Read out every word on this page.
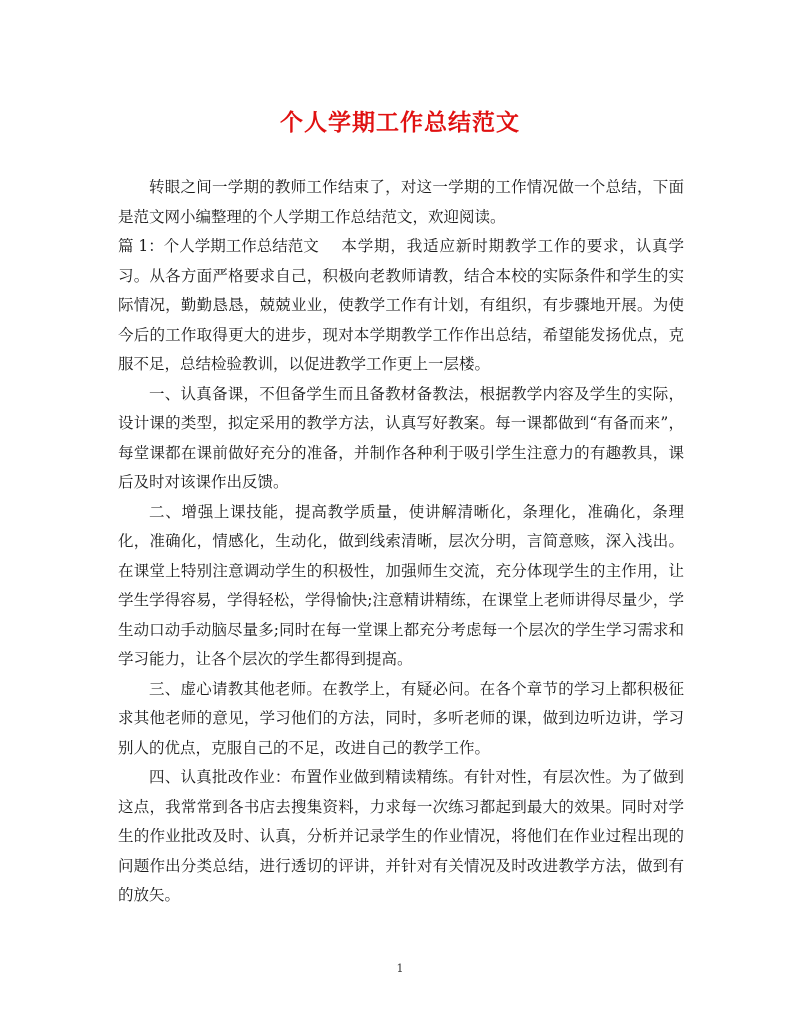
个人学期工作总结范文

转眼之间一学期的教师工作结束了，对这一学期的工作情况做一个总结，下面是范文网小编整理的个人学期工作总结范文，欢迎阅读。

篇 1：个人学期工作总结范文 本学期，我适应新时期教学工作的要求，认真学习。从各方面严格要求自己，积极向老教师请教，结合本校的实际条件和学生的实际情况，勤勤恳恳，兢兢业业，使教学工作有计划，有组织，有步骤地开展。为使今后的工作取得更大的进步，现对本学期教学工作作出总结，希望能发扬优点，克服不足，总结检验教训，以促进教学工作更上一层楼。

一、认真备课，不但备学生而且备教材备教法，根据教学内容及学生的实际，设计课的类型，拟定采用的教学方法，认真写好教案。每一课都做到“有备而来”，每堂课都在课前做好充分的准备，并制作各种利于吸引学生注意力的有趣教具，课后及时对该课作出反馈。

二、增强上课技能，提高教学质量，使讲解清晰化，条理化，准确化，条理化，准确化，情感化，生动化，做到线索清晰，层次分明，言简意赅，深入浅出。在课堂上特别注意调动学生的积极性，加强师生交流，充分体现学生的主作用，让学生学得容易，学得轻松，学得愉快;注意精讲精练，在课堂上老师讲得尽量少，学生动口动手动脑尽量多;同时在每一堂课上都充分考虑每一个层次的学生学习需求和学习能力，让各个层次的学生都得到提高。

三、虚心请教其他老师。在教学上，有疑必问。在各个章节的学习上都积极征求其他老师的意见，学习他们的方法，同时，多听老师的课，做到边听边讲，学习别人的优点，克服自己的不足，改进自己的教学工作。

四、认真批改作业：布置作业做到精读精练。有针对性，有层次性。为了做到这点，我常常到各书店去搜集资料，力求每一次练习都起到最大的效果。同时对学生的作业批改及时、认真，分析并记录学生的作业情况，将他们在作业过程出现的问题作出分类总结，进行透切的评讲，并针对有关情况及时改进教学方法，做到有的放矢。

1
